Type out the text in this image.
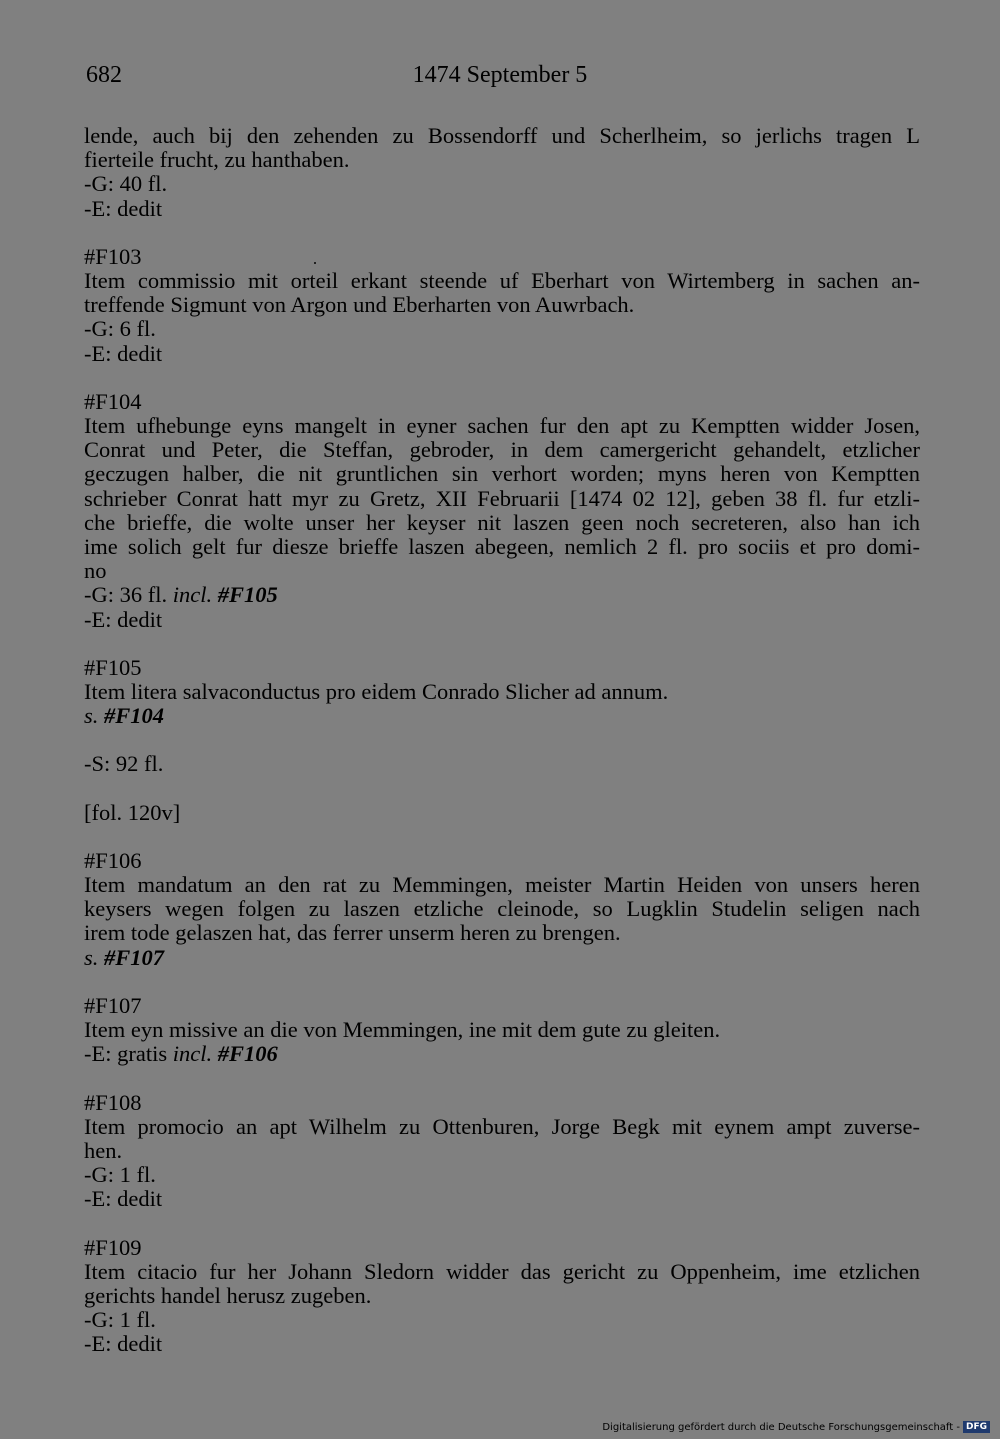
682	1474 September 5
lende, auch bij den zehenden zu Bossendorff und Scherlheim, so jerlichs tragen L
fierteile frucht, zu hanthaben.
-G: 40 fl.
-E: dedit
#F103
Item commissio mit orteil erkant steende uf Eberhart von Wirtemberg in sachen an-
treffende Sigmunt von Argon und Eberharten von Auwrbach.
-G: 6 fl.
-E: dedit
#F104
Item ufhebunge eyns mangelt in eyner sachen fur den apt zu Kemptten widder Josen,
Conrat und Peter, die Steffan, gebroder, in dem camergericht gehandelt, etzlicher
geczugen halber, die nit gruntlichen sin verhort worden; myns heren von Kemptten
schrieber Conrat hatt myr zu Gretz, XII Februarii [1474 02 12], geben 38 fl. fur etzli-
che brieffe, die wolte unser her keyser nit laszen geen noch secreteren, also han ich
ime solich gelt fur diesze brieffe laszen abegeen, nemlich 2 fl. pro sociis et pro domi-
no
-G: 36 fl. incl. #F105
-E: dedit
#F105
Item litera salvaconductus pro eidem Conrado Slicher ad annum.
s. #F104
-S: 92 fl.
[fol. 120v]
#F106
Item mandatum an den rat zu Memmingen, meister Martin Heiden von unsers heren
keysers wegen folgen zu laszen etzliche cleinode, so Lugklin Studelin seligen nach
irem tode gelaszen hat, das ferrer unserm heren zu brengen.
s. #F107
#F107
Item eyn missive an die von Memmingen, ine mit dem gute zu gleiten.
-E: gratis incl. #F106
#F108
Item promocio an apt Wilhelm zu Ottenburen, Jorge Begk mit eynem ampt zuverse-
hen.
-G: 1 fl.
-E: dedit
#F109
Item citacio fur her Johann Sledorn widder das gericht zu Oppenheim, ime etzlichen
gerichts handel herusz zugeben.
-G: 1 fl.
-E: dedit
Digitalisierung gefördert durch die Deutsche Forschungsgemeinschaft - DFG
